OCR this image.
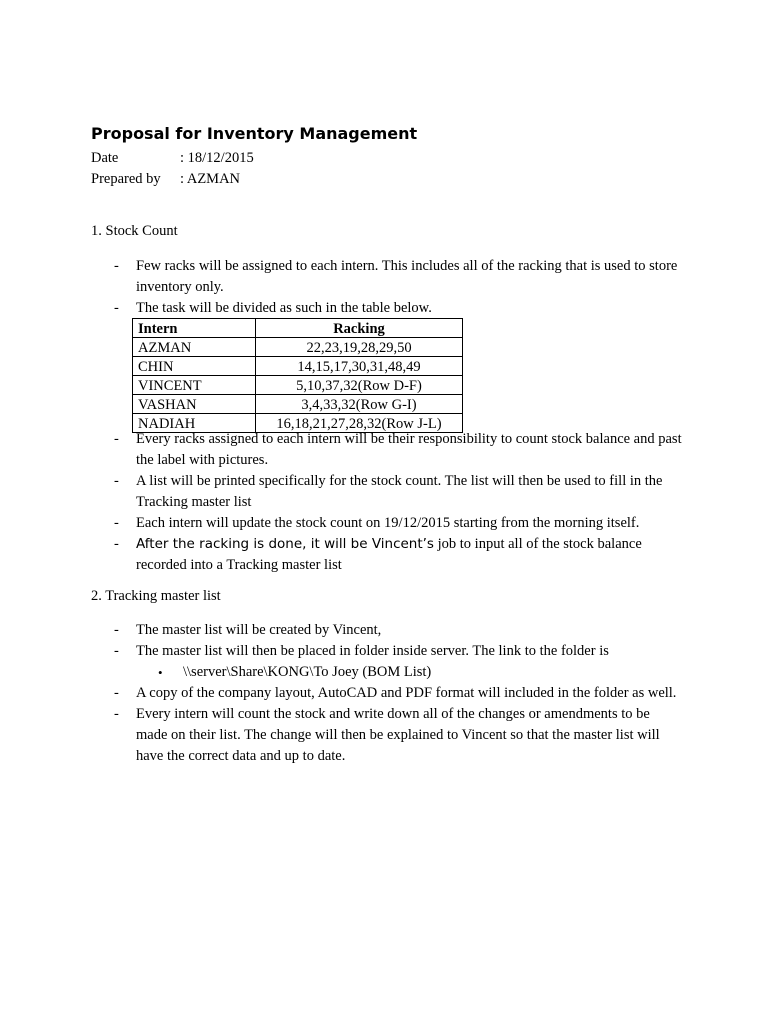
Proposal for Inventory Management
Date	: 18/12/2015
Prepared by : AZMAN
1. Stock Count
- Few racks will be assigned to each intern. This includes all of the racking that is used to store inventory only.
- The task will be divided as such in the table below.
Intern	Racking
AZMAN	22,23,19,28,29,50
CHIN	14,15,17,30,31,48,49
VINCENT	5,10,37,32(Row D-F)
VASHAN	3,4,33,32(Row G-I)
NADIAH	16,18,21,27,28,32(Row J-L)
- Every racks assigned to each intern will be their responsibility to count stock balance and past the label with pictures.
- A list will be printed specifically for the stock count. The list will then be used to fill in the Tracking master list
- Each intern will update the stock count on 19/12/2015 starting from the morning itself.
- After the racking is done, it will be Vincent’s job to input all of the stock balance recorded into a Tracking master list
2. Tracking master list
- The master list will be created by Vincent,
- The master list will then be placed in folder inside server. The link to the folder is
• \\server\Share\KONG\To Joey (BOM List)
- A copy of the company layout, AutoCAD and PDF format will included in the folder as well.
- Every intern will count the stock and write down all of the changes or amendments to be made on their list. The change will then be explained to Vincent so that the master list will have the correct data and up to date.
